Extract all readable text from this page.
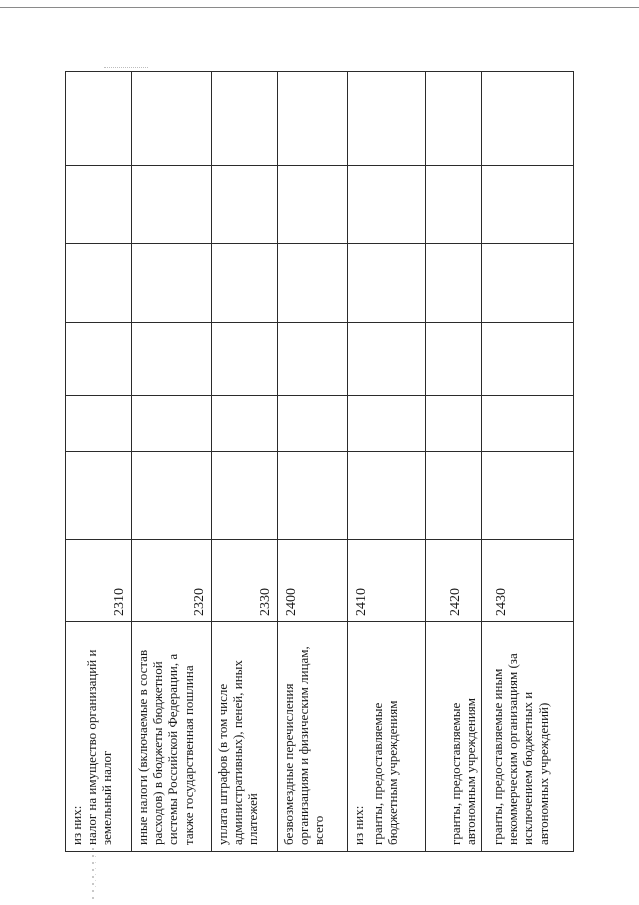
из них: налог на имущество организаций и земельный налог	2310						

иные налоги (включаемые в состав расходов) в бюджеты бюджетной системы Российской Федерации, а также государственная пошлина	2320						

уплата штрафов (в том числе административных), пеней, иных платежей	2330						

безвозмездные перечисления организациям и физическим лицам, всего	2400						

из них: гранты, предоставляемые бюджетным учреждениям	2410						

гранты, предоставляемые автономным учреждениям	2420						

гранты, предоставляемые иным некоммерческим организациям (за исключением бюджетных и автономных учреждений)	2430						
